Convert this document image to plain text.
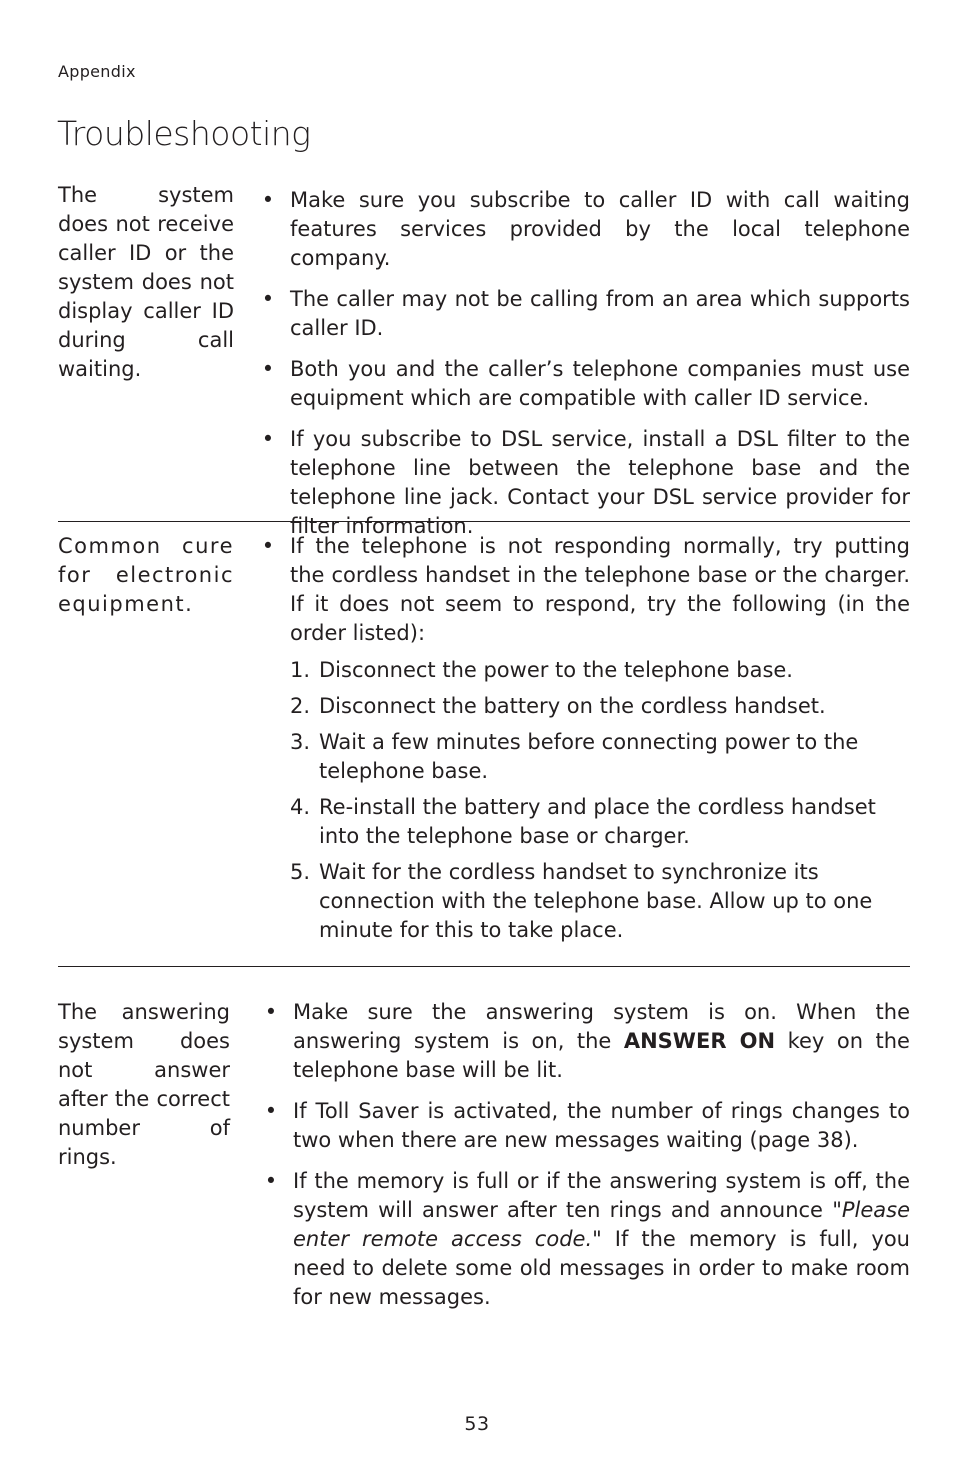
Appendix
Troubleshooting
The system does not receive caller ID or the system does not display caller ID during call waiting.

• Make sure you subscribe to caller ID with call waiting features services provided by the local telephone company.

• The caller may not be calling from an area which supports caller ID.

• Both you and the caller’s telephone companies must use equipment which are compatible with caller ID service.

• If you subscribe to DSL service, install a DSL filter to the telephone line between the telephone base and the telephone line jack. Contact your DSL service provider for filter information.

Common cure for electronic equipment.

• If the telephone is not responding normally, try putting the cordless handset in the telephone base or the charger. If it does not seem to respond, try the following (in the order listed):

1. Disconnect the power to the telephone base.
2. Disconnect the battery on the cordless handset.
3. Wait a few minutes before connecting power to the telephone base.
4. Re-install the battery and place the cordless handset into the telephone base or charger.
5. Wait for the cordless handset to synchronize its connection with the telephone base. Allow up to one minute for this to take place.
The answering system does not answer after the correct number of rings.

• Make sure the answering system is on. When the answering system is on, the ANSWER ON key on the telephone base will be lit.

• If Toll Saver is activated, the number of rings changes to two when there are new messages waiting (page 38).

• If the memory is full or if the answering system is off, the system will answer after ten rings and announce "Please enter remote access code." If the memory is full, you need to delete some old messages in order to make room for new messages.

53
